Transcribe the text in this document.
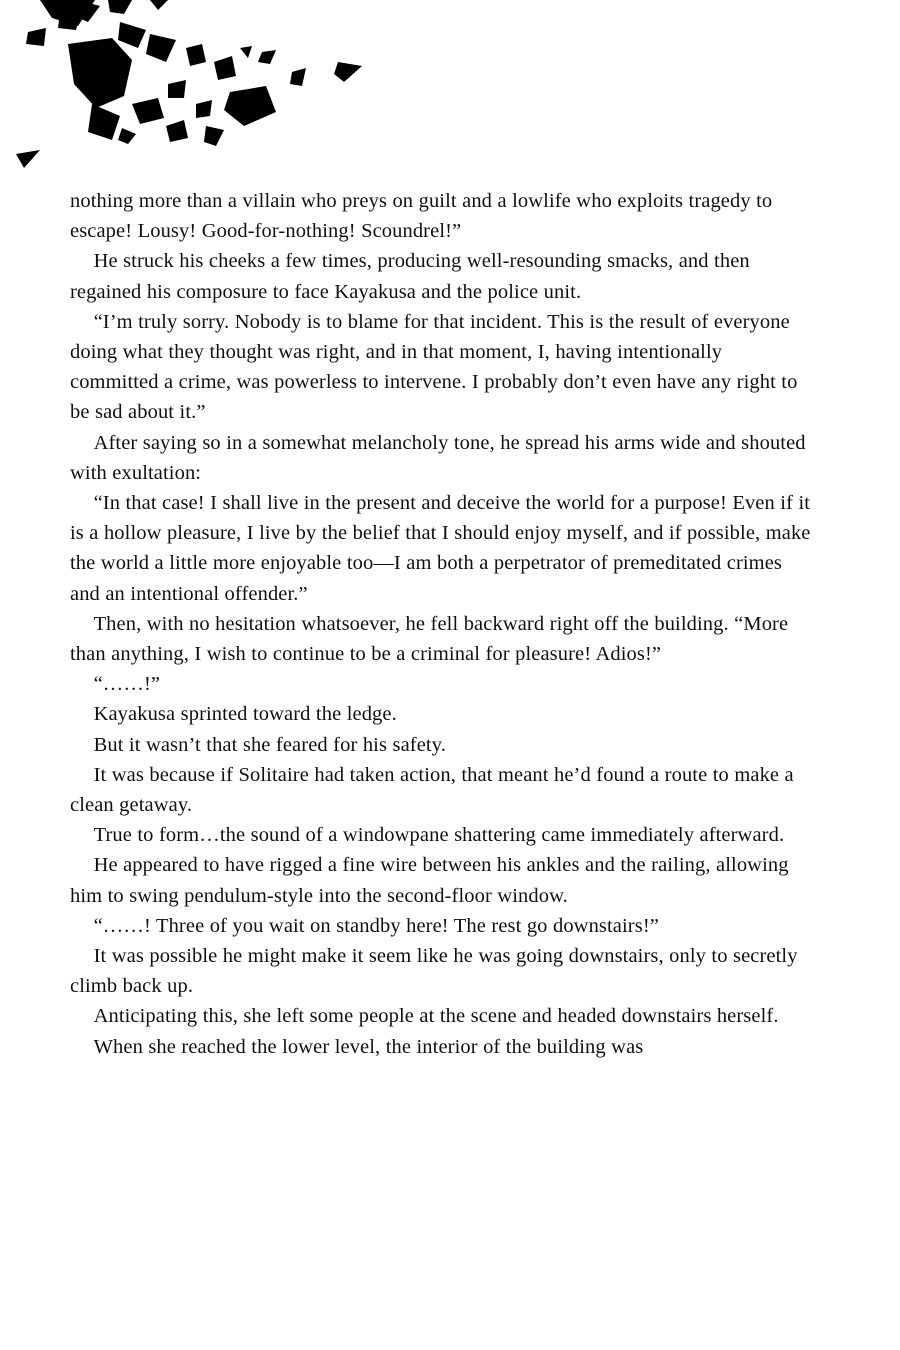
nothing more than a villain who preys on guilt and a lowlife who exploits tragedy to escape! Lousy! Good-for-nothing! Scoundrel!”

He struck his cheeks a few times, producing well-resounding smacks, and then regained his composure to face Kayakusa and the police unit.

“I’m truly sorry. Nobody is to blame for that incident. This is the result of everyone doing what they thought was right, and in that moment, I, having intentionally committed a crime, was powerless to intervene. I probably don’t even have any right to be sad about it.”

After saying so in a somewhat melancholy tone, he spread his arms wide and shouted with exultation:

“In that case! I shall live in the present and deceive the world for a purpose! Even if it is a hollow pleasure, I live by the belief that I should enjoy myself, and if possible, make the world a little more enjoyable too—I am both a perpetrator of premeditated crimes and an intentional offender.”

Then, with no hesitation whatsoever, he fell backward right off the building. “More than anything, I wish to continue to be a criminal for pleasure! Adios!”

“……!”

Kayakusa sprinted toward the ledge.

But it wasn’t that she feared for his safety.

It was because if Solitaire had taken action, that meant he’d found a route to make a clean getaway.

True to form…the sound of a windowpane shattering came immediately afterward.

He appeared to have rigged a fine wire between his ankles and the railing, allowing him to swing pendulum-style into the second-floor window.

“……! Three of you wait on standby here! The rest go downstairs!”

It was possible he might make it seem like he was going downstairs, only to secretly climb back up.

Anticipating this, she left some people at the scene and headed downstairs herself.

When she reached the lower level, the interior of the building was
